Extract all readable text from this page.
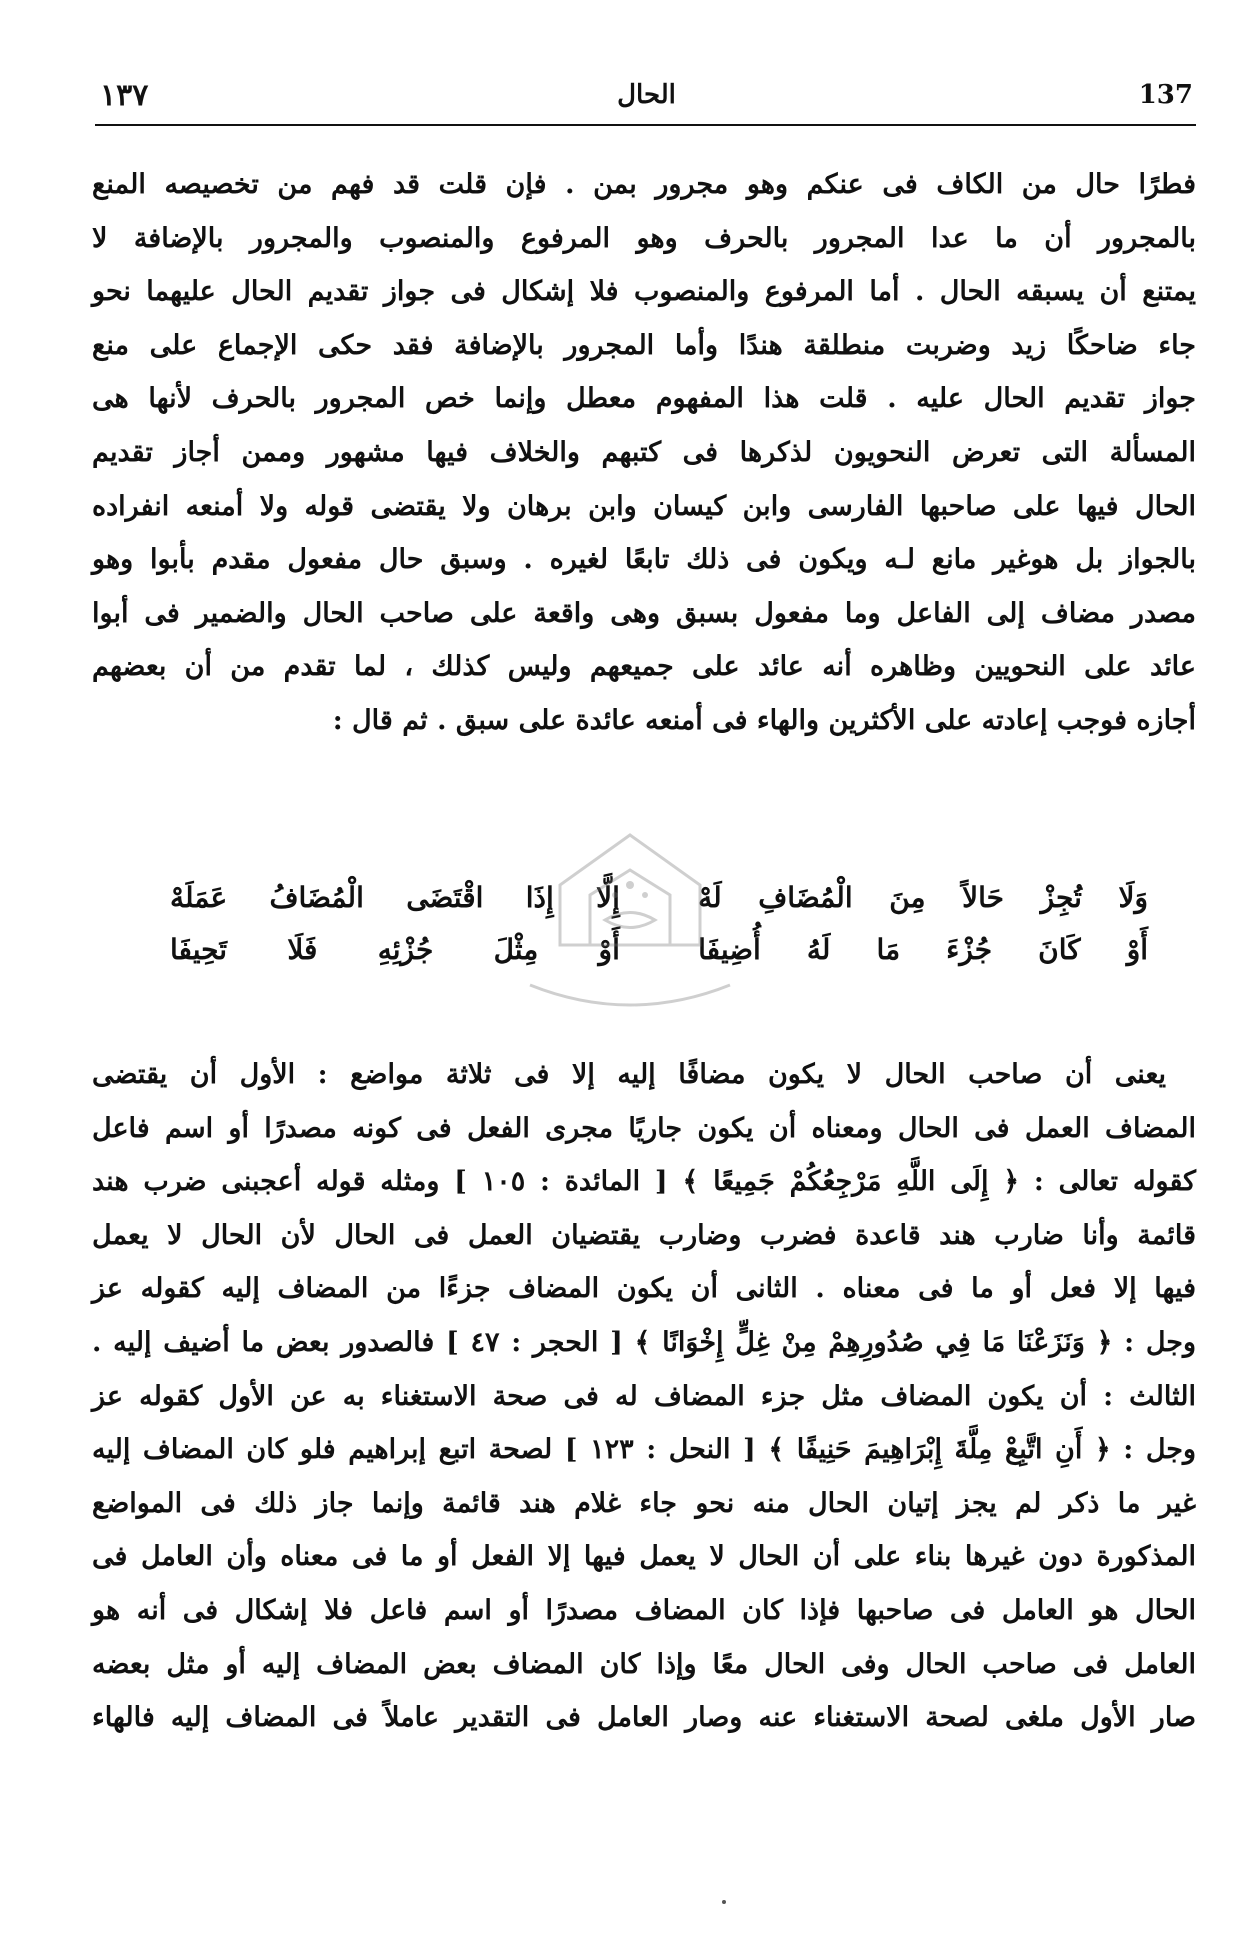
١٣٧	الحال	137

فطرًا حال من الكاف فى عنكم وهو مجرور بمن . فإن قلت قد فهم من تخصيصه المنع

بالمجرور أن ما عدا المجرور بالحرف وهو المرفوع والمنصوب والمجرور بالإضافة لا

يمتنع أن يسبقه الحال . أما المرفوع والمنصوب فلا إشكال فى جواز تقديم الحال عليهما نحو

جاء ضاحكًا زيد وضربت منطلقة هندًا وأما المجرور بالإضافة فقد حكى الإجماع على منع

جواز تقديم الحال عليه . قلت هذا المفهوم معطل وإنما خص المجرور بالحرف لأنها هى

المسألة التى تعرض النحويون لذكرها فى كتبهم والخلاف فيها مشهور وممن أجاز تقديم

الحال فيها على صاحبها الفارسى وابن كيسان وابن برهان ولا يقتضى قوله ولا أمنعه انفراده

بالجواز بل هوغير مانع لـه ويكون فى ذلك تابعًا لغيره . وسبق حال مفعول مقدم بأبوا وهو

مصدر مضاف إلى الفاعل وما مفعول بسبق وهى واقعة على صاحب الحال والضمير فى أبوا

عائد على النحويين وظاهره أنه عائد على جميعهم وليس كذلك ، لما تقدم من أن بعضهم

أجازه فوجب إعادته على الأكثرين والهاء فى أمنعه عائدة على سبق . ثم قال :

وَلَا تُجِزْ حَالاً مِنَ الْمُضَافِ لَهْ
إِلَّا إِذَا اقْتَضَى الْمُضَافُ عَمَلَهْ
أَوْ كَانَ جُزْءَ مَا لَهُ أُضِيفَا
أَوْ مِثْلَ جُزْئِهِ فَلَا تَحِيفَا

يعنى أن صاحب الحال لا يكون مضافًا إليه إلا فى ثلاثة مواضع : الأول أن يقتضى

المضاف العمل فى الحال ومعناه أن يكون جاريًا مجرى الفعل فى كونه مصدرًا أو اسم فاعل

كقوله تعالى : ﴿ إِلَى اللَّهِ مَرْجِعُكُمْ جَمِيعًا ﴾ [ المائدة : ١٠٥ ] ومثله قوله أعجبنى ضرب هند

قائمة وأنا ضارب هند قاعدة فضرب وضارب يقتضيان العمل فى الحال لأن الحال لا يعمل

فيها إلا فعل أو ما فى معناه . الثانى أن يكون المضاف جزءًا من المضاف إليه كقوله عز

وجل : ﴿ وَنَزَعْنَا مَا فِي صُدُورِهِمْ مِنْ غِلٍّ إِخْوَانًا ﴾ [ الحجر : ٤٧ ] فالصدور بعض ما أضيف إليه .

الثالث : أن يكون المضاف مثل جزء المضاف له فى صحة الاستغناء به عن الأول كقوله عز

وجل : ﴿ أَنِ اتَّبِعْ مِلَّةَ إِبْرَاهِيمَ حَنِيفًا ﴾ [ النحل : ١٢٣ ] لصحة اتبع إبراهيم فلو كان المضاف إليه

غير ما ذكر لم يجز إتيان الحال منه نحو جاء غلام هند قائمة وإنما جاز ذلك فى المواضع

المذكورة دون غيرها بناء على أن الحال لا يعمل فيها إلا الفعل أو ما فى معناه وأن العامل فى

الحال هو العامل فى صاحبها فإذا كان المضاف مصدرًا أو اسم فاعل فلا إشكال فى أنه هو

العامل فى صاحب الحال وفى الحال معًا وإذا كان المضاف بعض المضاف إليه أو مثل بعضه

صار الأول ملغى لصحة الاستغناء عنه وصار العامل فى التقدير عاملاً فى المضاف إليه فالهاء
